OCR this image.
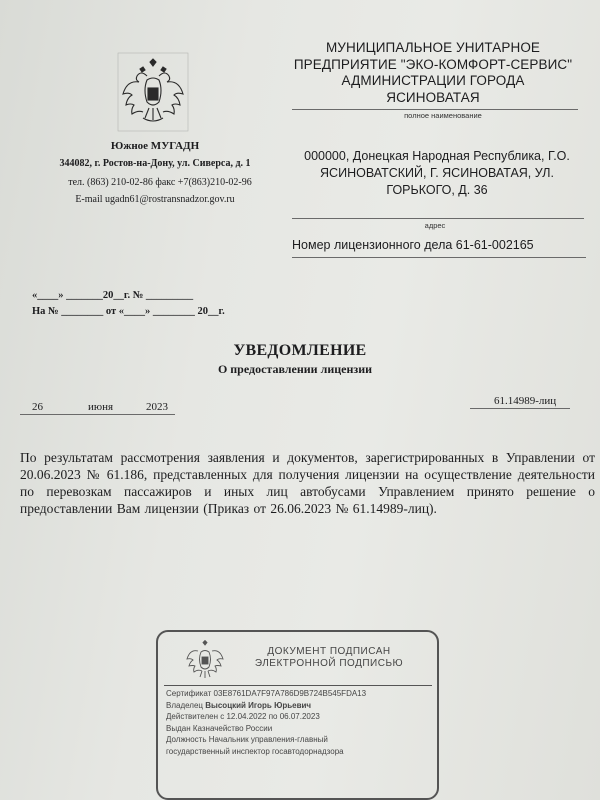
Южное МУГАДН
344082, г. Ростов-на-Дону, ул. Сиверса, д. 1
тел. (863) 210-02-86 факс +7(863)210-02-96
E-mail ugadn61@rostransnadzor.gov.ru
МУНИЦИПАЛЬНОЕ УНИТАРНОЕ
ПРЕДПРИЯТИЕ "ЭКО-КОМФОРТ-СЕРВИС"
АДМИНИСТРАЦИИ ГОРОДА
ЯСИНОВАТАЯ
полное наименование
000000, Донецкая Народная Республика, Г.О.
ЯСИНОВАТСКИЙ, Г. ЯСИНОВАТАЯ, УЛ.
ГОРЬКОГО, Д. 36
адрес
Номер лицензионного дела 61-61-002165
«____» _______20__г. № _________
На № ________ от «____» ________ 20__г.
УВЕДОМЛЕНИЕ
О предоставлении лицензии
26	июня	2023	61.14989-лиц
По результатам рассмотрения заявления и документов, зарегистрированных в Управлении от 20.06.2023 № 61.186, представленных для получения лицензии на осуществление деятельности по перевозкам пассажиров и иных лиц автобусами Управлением принято решение о предоставлении Вам лицензии (Приказ от 26.06.2023 № 61.14989-лиц).
ДОКУМЕНТ ПОДПИСАН
ЭЛЕКТРОННОЙ ПОДПИСЬЮ
Сертификат 03E8761DA7F97A786D9B724B545FDA13
Владелец Высоцкий Игорь Юрьевич
Действителен с 12.04.2022 по 06.07.2023
Выдан Казначейство России
Должность Начальник управления-главный
государственный инспектор госавтодорнадзора
